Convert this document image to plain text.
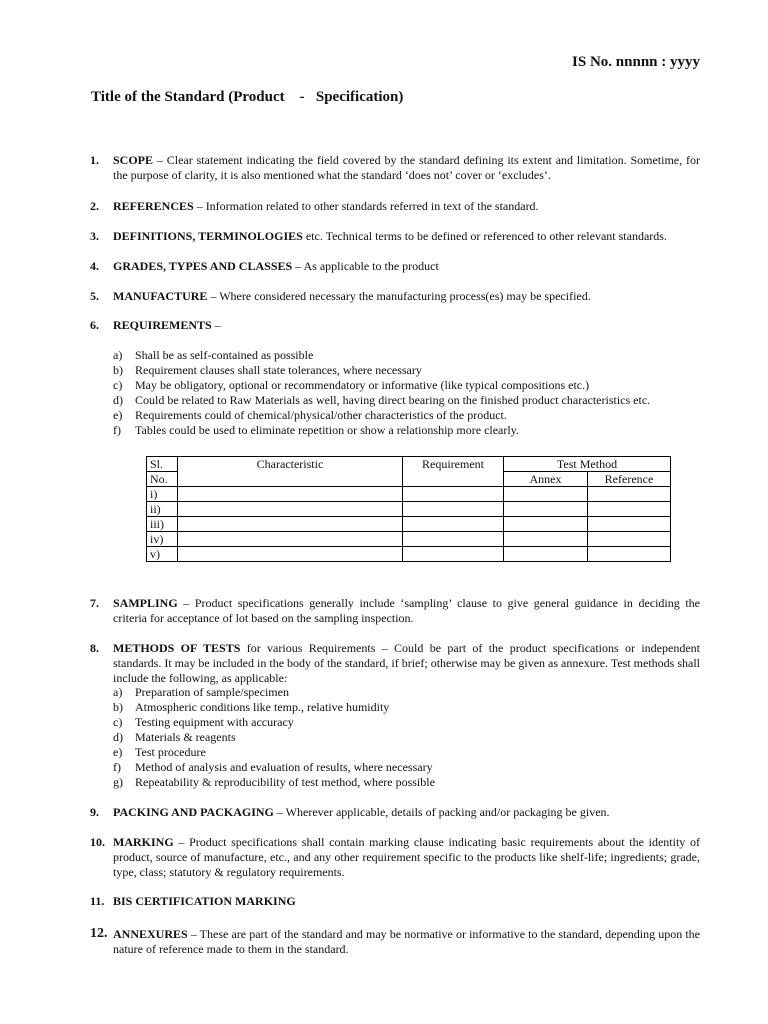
IS No. nnnnn : yyyy
Title of the Standard (Product    -   Specification)
1.	SCOPE – Clear statement indicating the field covered by the standard defining its extent and limitation. Sometime, for the purpose of clarity, it is also mentioned what the standard ‘does not’ cover or ‘excludes’.
2.	REFERENCES – Information related to other standards referred in text of the standard.
3.	DEFINITIONS, TERMINOLOGIES etc. Technical terms to be defined or referenced to other relevant standards.
4.	GRADES, TYPES AND CLASSES – As applicable to the product
5.	MANUFACTURE – Where considered necessary the manufacturing process(es) may be specified.
6.	REQUIREMENTS –
a) Shall be as self-contained as possible
b) Requirement clauses shall state tolerances, where necessary
c) May be obligatory, optional or recommendatory or informative (like typical compositions etc.)
d) Could be related to Raw Materials as well, having direct bearing on the finished product characteristics etc.
e) Requirements could of chemical/physical/other characteristics of the product.
f) Tables could be used to eliminate repetition or show a relationship more clearly.
Sl.	Characteristic	Requirement	Test Method	
No.			Annex	Reference
i)				
ii)				
iii)				
iv)				
v)				
7.	SAMPLING – Product specifications generally include ‘sampling’ clause to give general guidance in deciding the criteria for acceptance of lot based on the sampling inspection.
8.	METHODS OF TESTS for various Requirements – Could be part of the product specifications or independent standards. It may be included in the body of the standard, if brief; otherwise may be given as annexure. Test methods shall include the following, as applicable:
a) Preparation of sample/specimen
b) Atmospheric conditions like temp., relative humidity
c) Testing equipment with accuracy
d) Materials & reagents
e) Test procedure
f) Method of analysis and evaluation of results, where necessary
g) Repeatability & reproducibility of test method, where possible
9.	PACKING AND PACKAGING – Wherever applicable, details of packing and/or packaging be given.
10. MARKING – Product specifications shall contain marking clause indicating basic requirements about the identity of product, source of manufacture, etc., and any other requirement specific to the products like shelf-life; ingredients; grade, type, class; statutory & regulatory requirements.
11. BIS CERTIFICATION MARKING
12. ANNEXURES – These are part of the standard and may be normative or informative to the standard, depending upon the nature of reference made to them in the standard.
